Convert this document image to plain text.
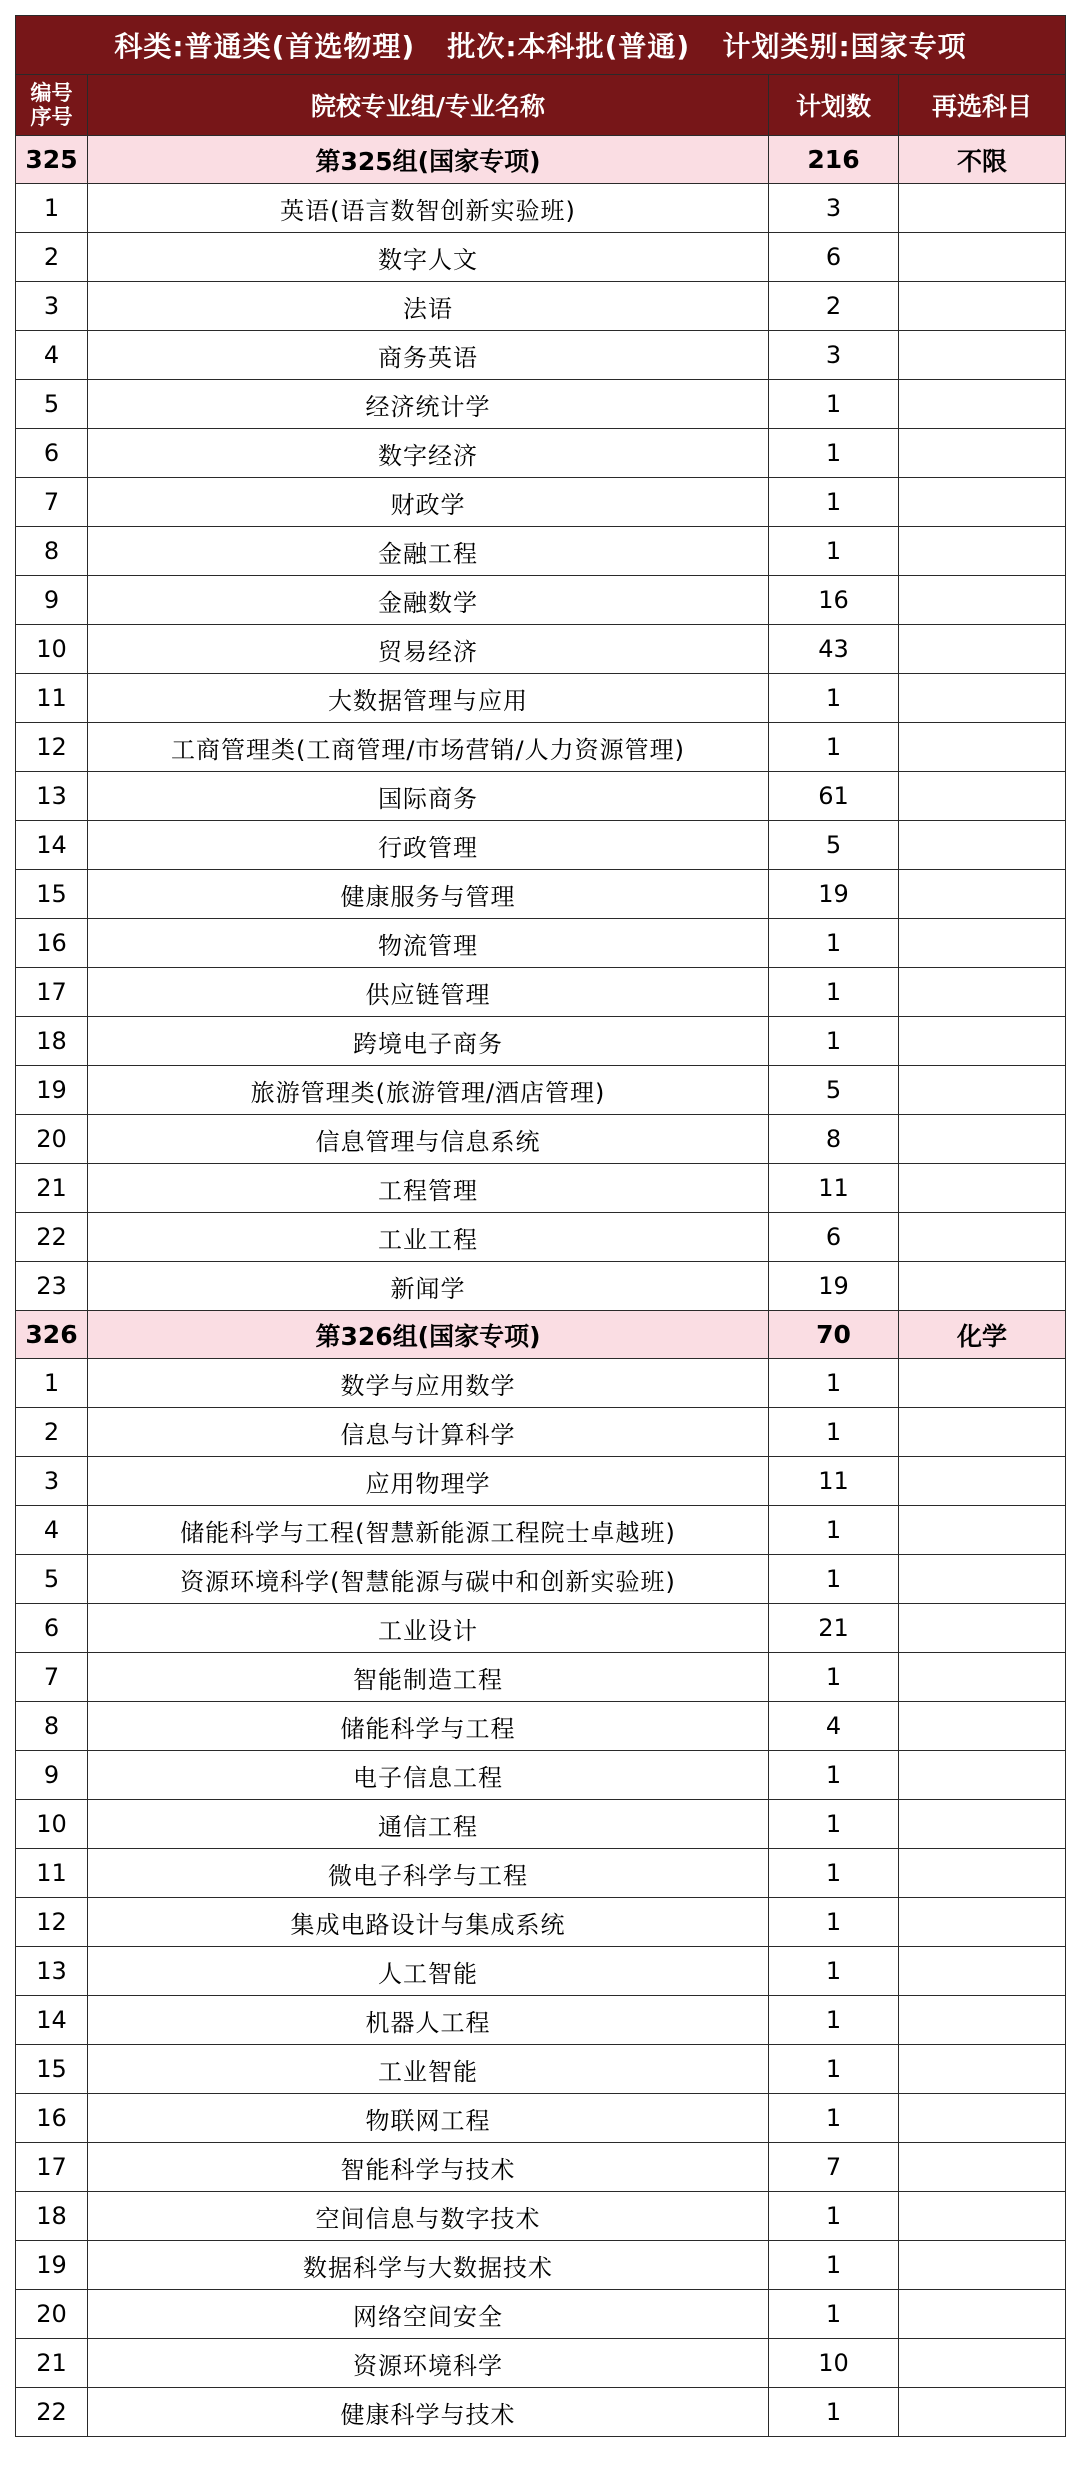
科类:普通类(首选物理)   批次:本科批(普通)   计划类别:国家专项			

编号
序号	院校专业组/专业名称	计划数	再选科目
325	第325组(国家专项)	216	不限
1	英语(语言数智创新实验班)	3	
2	数字人文	6	
3	法语	2	
4	商务英语	3	
5	经济统计学	1	
6	数字经济	1	
7	财政学	1	
8	金融工程	1	
9	金融数学	16	
10	贸易经济	43	
11	大数据管理与应用	1	
12	工商管理类(工商管理/市场营销/人力资源管理)	1	
13	国际商务	61	
14	行政管理	5	
15	健康服务与管理	19	
16	物流管理	1	
17	供应链管理	1	
18	跨境电子商务	1	
19	旅游管理类(旅游管理/酒店管理)	5	
20	信息管理与信息系统	8	
21	工程管理	11	
22	工业工程	6	
23	新闻学	19	
326	第326组(国家专项)	70	化学
1	数学与应用数学	1	
2	信息与计算科学	1	
3	应用物理学	11	
4	储能科学与工程(智慧新能源工程院士卓越班)	1	
5	资源环境科学(智慧能源与碳中和创新实验班)	1	
6	工业设计	21	
7	智能制造工程	1	
8	储能科学与工程	4	
9	电子信息工程	1	
10	通信工程	1	
11	微电子科学与工程	1	
12	集成电路设计与集成系统	1	
13	人工智能	1	
14	机器人工程	1	
15	工业智能	1	
16	物联网工程	1	
17	智能科学与技术	7	
18	空间信息与数字技术	1	
19	数据科学与大数据技术	1	
20	网络空间安全	1	
21	资源环境科学	10	
22	健康科学与技术	1	
